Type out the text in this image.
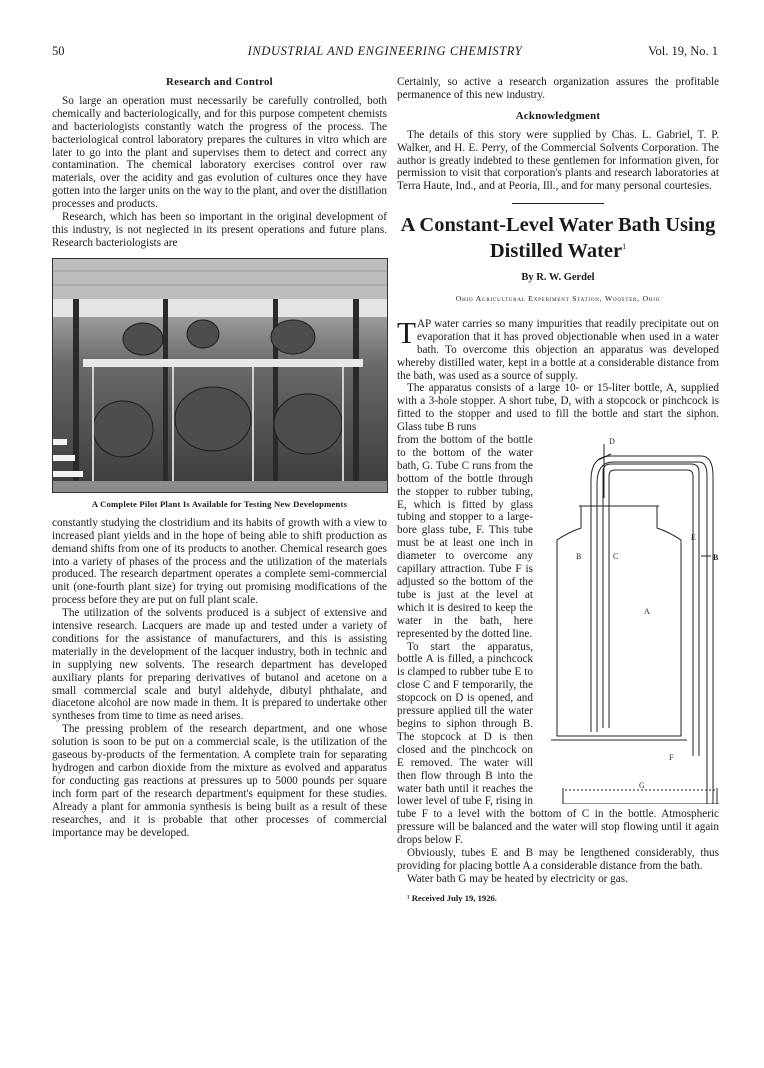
50	INDUSTRIAL AND ENGINEERING CHEMISTRY	Vol. 19, No. 1
Research and Control

So large an operation must necessarily be carefully controlled, both chemically and bacteriologically, and for this purpose competent chemists and bacteriologists constantly watch the progress of the process. The bacteriological control laboratory prepares the cultures in vitro which are later to go into the plant and supervises them to detect and correct any contamination. The chemical laboratory exercises control over raw materials, over the acidity and gas evolution of cultures once they have gotten into the larger units on the way to the plant, and over the distillation processes and products.

Research, which has been so important in the original development of this industry, is not neglected in its present operations and future plans. Research bacteriologists are

A Complete Pilot Plant Is Available for Testing New Developments

constantly studying the clostridium and its habits of growth with a view to increased plant yields and in the hope of being able to shift production as demand shifts from one of its products to another. Chemical research goes into a variety of phases of the process and the utilization of the materials produced. The research department operates a complete semi-commercial unit (one-fourth plant size) for trying out promising modifications of the process before they are put on full plant scale.

The utilization of the solvents produced is a subject of extensive and intensive research. Lacquers are made up and tested under a variety of conditions for the assistance of manufacturers, and this is assisting materially in the development of the lacquer industry, both in technic and in supplying new solvents. The research department has developed auxiliary plants for preparing derivatives of butanol and acetone on a small commercial scale and butyl aldehyde, dibutyl phthalate, and diacetone alcohol are now made in them. It is prepared to undertake other syntheses from time to time as need arises.

The pressing problem of the research department, and one whose solution is soon to be put on a commercial scale, is the utilization of the gaseous by-products of the fermentation. A complete train for separating hydrogen and carbon dioxide from the mixture as evolved and apparatus for conducting gas reactions at pressures up to 5000 pounds per square inch form part of the research department's equipment for these studies. Already a plant for ammonia synthesis is being built as a result of these researches, and it is probable that other processes of commercial importance may be developed.

Certainly, so active a research organization assures the profitable permanence of this new industry.

Acknowledgment

The details of this story were supplied by Chas. L. Gabriel, T. P. Walker, and H. E. Perry, of the Commercial Solvents Corporation. The author is greatly indebted to these gentlemen for information given, for permission to visit that corporation's plants and research laboratories at Terra Haute, Ind., and at Peoria, Ill., and for many personal courtesies.

A Constant-Level Water Bath Using Distilled Water$^1$
By R. W. Gerdel
Ohio Agricultural Experiment Station, Wooster, Ohio

TAP water carries so many impurities that readily precipitate out on evaporation that it has proved objectionable when used in a water bath. To overcome this objection an apparatus was developed whereby distilled water, kept in a bottle at a considerable distance from the bath, was used as a source of supply.

The apparatus consists of a large 10- or 15-liter bottle, A, supplied with a 3-hole stopper. A short tube, D, with a stopcock or pinchcock is fitted to the stopper and used to fill the bottle and start the siphon. Glass tube B runs

D
E
B	C	B
A
F
G

from the bottom of the bottle to the bottom of the water bath, G. Tube C runs from the bottom of the bottle through the stopper to rubber tubing, E, which is fitted by glass tubing and stopper to a large-bore glass tube, F. This tube must be at least one inch in diameter to overcome any capillary attraction. Tube F is adjusted so the bottom of the tube is just at the level at which it is desired to keep the water in the bath, here represented by the dotted line.

To start the apparatus, bottle A is filled, a pinchcock is clamped to rubber tube E to close C and F temporarily, the stopcock on D is opened, and pressure applied till the water begins to siphon through B. The stopcock at D is then closed and the pinchcock on E removed. The water will then flow through B into the water bath until it reaches the lower level of tube F, rising in tube F to a level with the bottom of C in the bottle. Atmospheric pressure will be balanced and the water will stop flowing until it again drops below F.

Obviously, tubes E and B may be lengthened considerably, thus providing for placing bottle A a considerable distance from the bath.

Water bath G may be heated by electricity or gas.

¹ Received July 19, 1926.
